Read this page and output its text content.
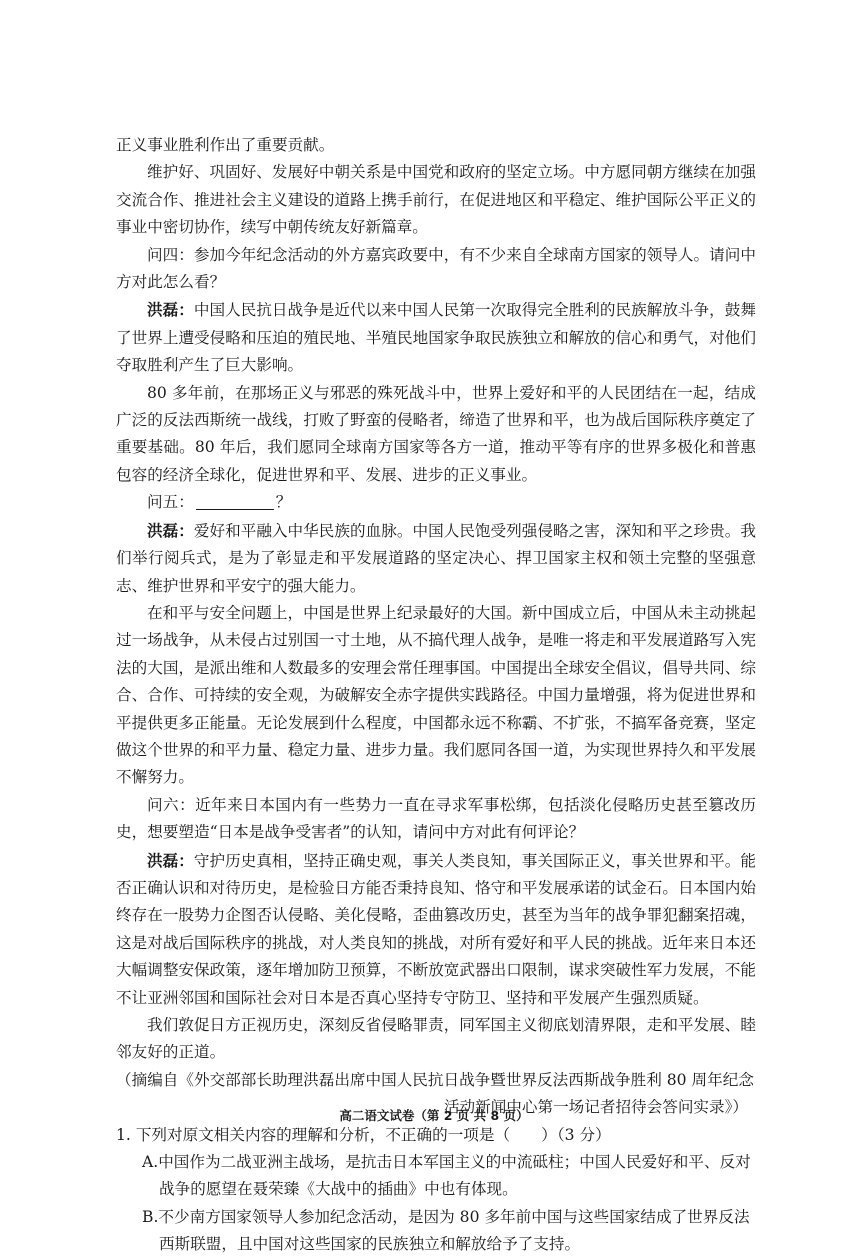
正义事业胜利作出了重要贡献。

维护好、巩固好、发展好中朝关系是中国党和政府的坚定立场。中方愿同朝方继续在加强交流合作、推进社会主义建设的道路上携手前行，在促进地区和平稳定、维护国际公平正义的事业中密切协作，续写中朝传统友好新篇章。

问四：参加今年纪念活动的外方嘉宾政要中，有不少来自全球南方国家的领导人。请问中方对此怎么看？

洪磊：中国人民抗日战争是近代以来中国人民第一次取得完全胜利的民族解放斗争，鼓舞了世界上遭受侵略和压迫的殖民地、半殖民地国家争取民族独立和解放的信心和勇气，对他们夺取胜利产生了巨大影响。

80 多年前，在那场正义与邪恶的殊死战斗中，世界上爱好和平的人民团结在一起，结成广泛的反法西斯统一战线，打败了野蛮的侵略者，缔造了世界和平，也为战后国际秩序奠定了重要基础。80 年后，我们愿同全球南方国家等各方一道，推动平等有序的世界多极化和普惠包容的经济全球化，促进世界和平、发展、进步的正义事业。

问五：	？

洪磊：爱好和平融入中华民族的血脉。中国人民饱受列强侵略之害，深知和平之珍贵。我们举行阅兵式，是为了彰显走和平发展道路的坚定决心、捍卫国家主权和领土完整的坚强意志、维护世界和平安宁的强大能力。

在和平与安全问题上，中国是世界上纪录最好的大国。新中国成立后，中国从未主动挑起过一场战争，从未侵占过别国一寸土地，从不搞代理人战争，是唯一将走和平发展道路写入宪法的大国，是派出维和人数最多的安理会常任理事国。中国提出全球安全倡议，倡导共同、综合、合作、可持续的安全观，为破解安全赤字提供实践路径。中国力量增强，将为促进世界和平提供更多正能量。无论发展到什么程度，中国都永远不称霸、不扩张，不搞军备竞赛，坚定做这个世界的和平力量、稳定力量、进步力量。我们愿同各国一道，为实现世界持久和平发展不懈努力。

问六：近年来日本国内有一些势力一直在寻求军事松绑，包括淡化侵略历史甚至篡改历史，想要塑造“日本是战争受害者”的认知，请问中方对此有何评论？

洪磊：守护历史真相，坚持正确史观，事关人类良知，事关国际正义，事关世界和平。能否正确认识和对待历史，是检验日方能否秉持良知、恪守和平发展承诺的试金石。日本国内始终存在一股势力企图否认侵略、美化侵略，歪曲篡改历史，甚至为当年的战争罪犯翻案招魂，这是对战后国际秩序的挑战，对人类良知的挑战，对所有爱好和平人民的挑战。近年来日本还大幅调整安保政策，逐年增加防卫预算，不断放宽武器出口限制，谋求突破性军力发展，不能不让亚洲邻国和国际社会对日本是否真心坚持专守防卫、坚持和平发展产生强烈质疑。

我们敦促日方正视历史，深刻反省侵略罪责，同军国主义彻底划清界限，走和平发展、睦邻友好的正道。

（摘编自《外交部部长助理洪磊出席中国人民抗日战争暨世界反法西斯战争胜利 80 周年纪念

活动新闻中心第一场记者招待会答问实录》）

1. 下列对原文相关内容的理解和分析，不正确的一项是（　　）（3 分）

A.中国作为二战亚洲主战场，是抗击日本军国主义的中流砥柱；中国人民爱好和平、反对战争的愿望在聂荣臻《大战中的插曲》中也有体现。

B.不少南方国家领导人参加纪念活动，是因为 80 多年前中国与这些国家结成了世界反法西斯联盟，且中国对这些国家的民族独立和解放给予了支持。

高二语文试卷（第 2 页 共 8 页）
